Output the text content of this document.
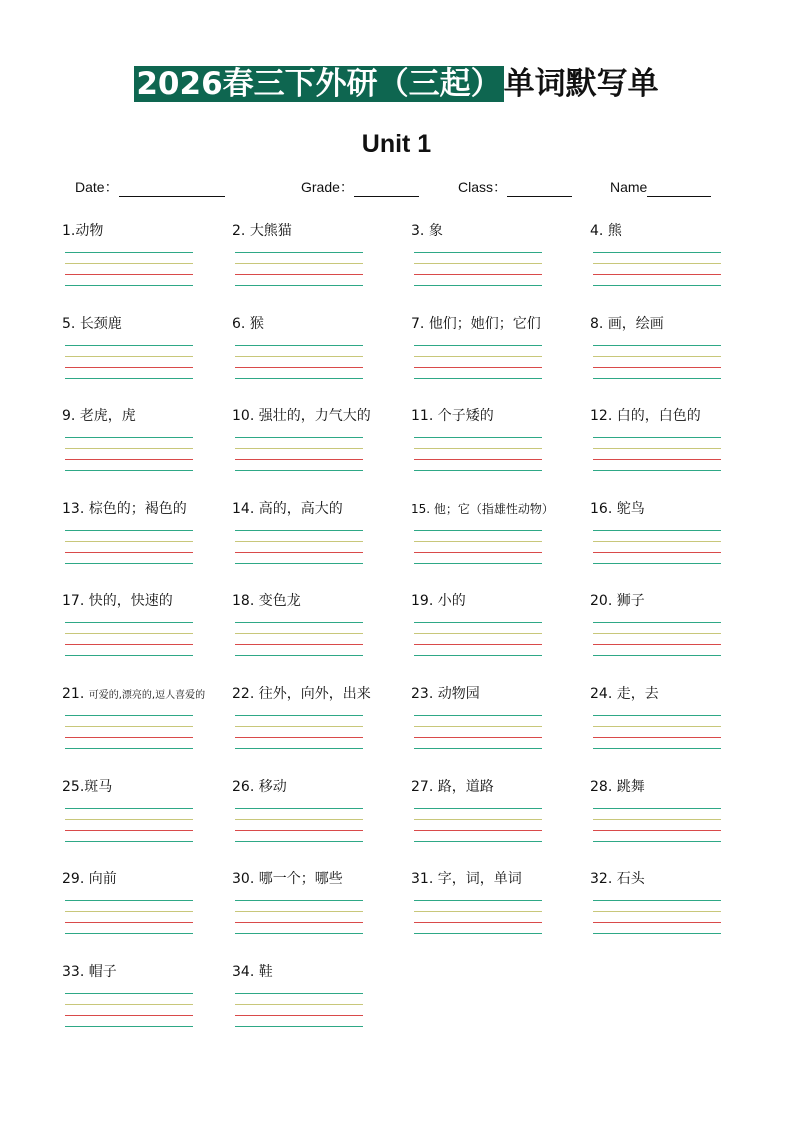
2026春三下外研（三起）单词默写单
Unit 1
Date：	Grade：	Class：	Name
1.动物	2. 大熊猫	3. 象	4. 熊
5. 长颈鹿	6. 猴	7. 他们；她们；它们	8. 画，绘画
9. 老虎，虎	10. 强壮的，力气大的	11. 个子矮的	12. 白的，白色的
13. 棕色的；褐色的	14. 高的，高大的	15. 他；它（指雄性动物）	16. 鸵鸟
17. 快的，快速的	18. 变色龙	19. 小的	20. 狮子
21. 可爱的,漂亮的,逗人喜爱的 22. 往外，向外，出来	23. 动物园	24. 走，去
25.斑马	26. 移动	27. 路，道路	28. 跳舞
29. 向前	30. 哪一个；哪些	31. 字，词，单词	32. 石头
33. 帽子	34. 鞋
